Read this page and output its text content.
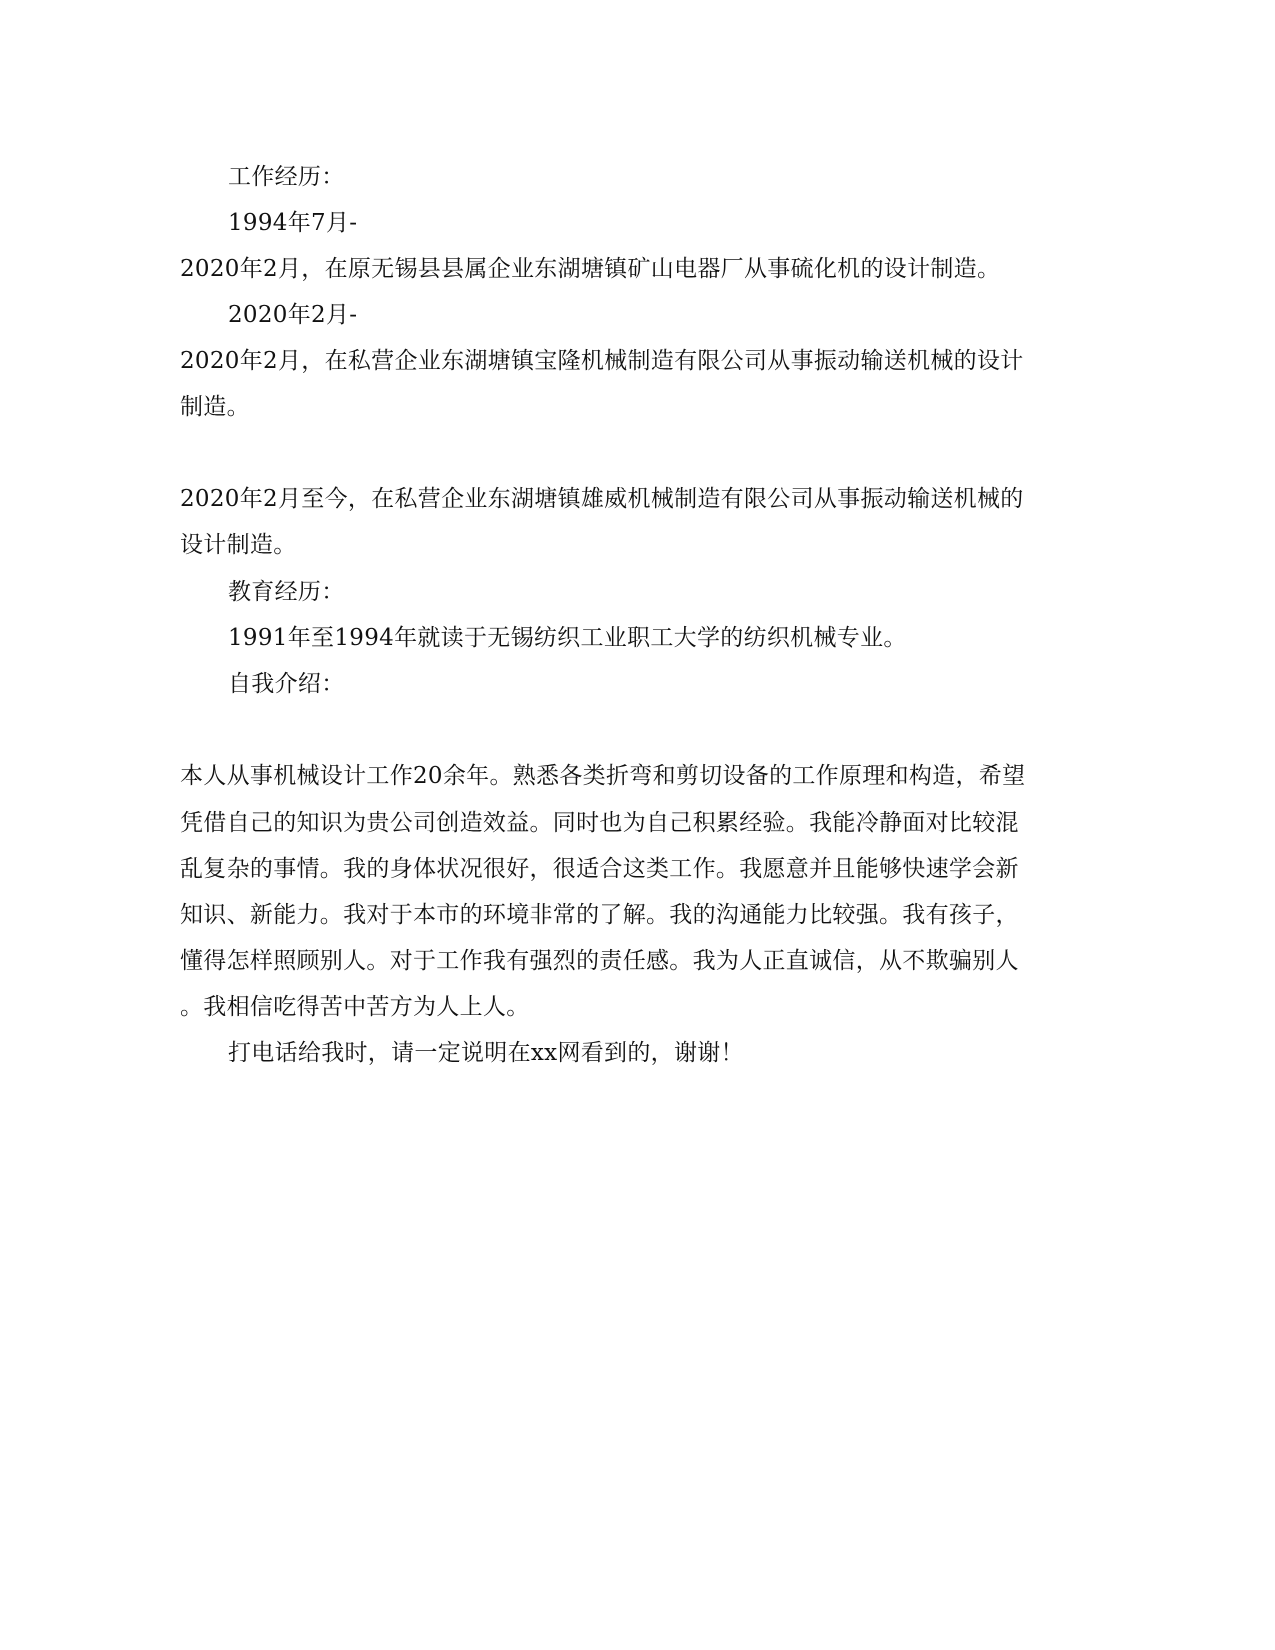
工作经历：
1994年7月-
2020年2月，在原无锡县县属企业东湖塘镇矿山电器厂从事硫化机的设计制造。
2020年2月-
2020年2月，在私营企业东湖塘镇宝隆机械制造有限公司从事振动输送机械的设计
制造。
2020年2月至今，在私营企业东湖塘镇雄威机械制造有限公司从事振动输送机械的
设计制造。
教育经历：
1991年至1994年就读于无锡纺织工业职工大学的纺织机械专业。
自我介绍：
本人从事机械设计工作20余年。熟悉各类折弯和剪切设备的工作原理和构造，希望
凭借自己的知识为贵公司创造效益。同时也为自己积累经验。我能冷静面对比较混
乱复杂的事情。我的身体状况很好，很适合这类工作。我愿意并且能够快速学会新
知识、新能力。我对于本市的环境非常的了解。我的沟通能力比较强。我有孩子，
懂得怎样照顾别人。对于工作我有强烈的责任感。我为人正直诚信，从不欺骗别人
。我相信吃得苦中苦方为人上人。
打电话给我时，请一定说明在xx网看到的，谢谢！
